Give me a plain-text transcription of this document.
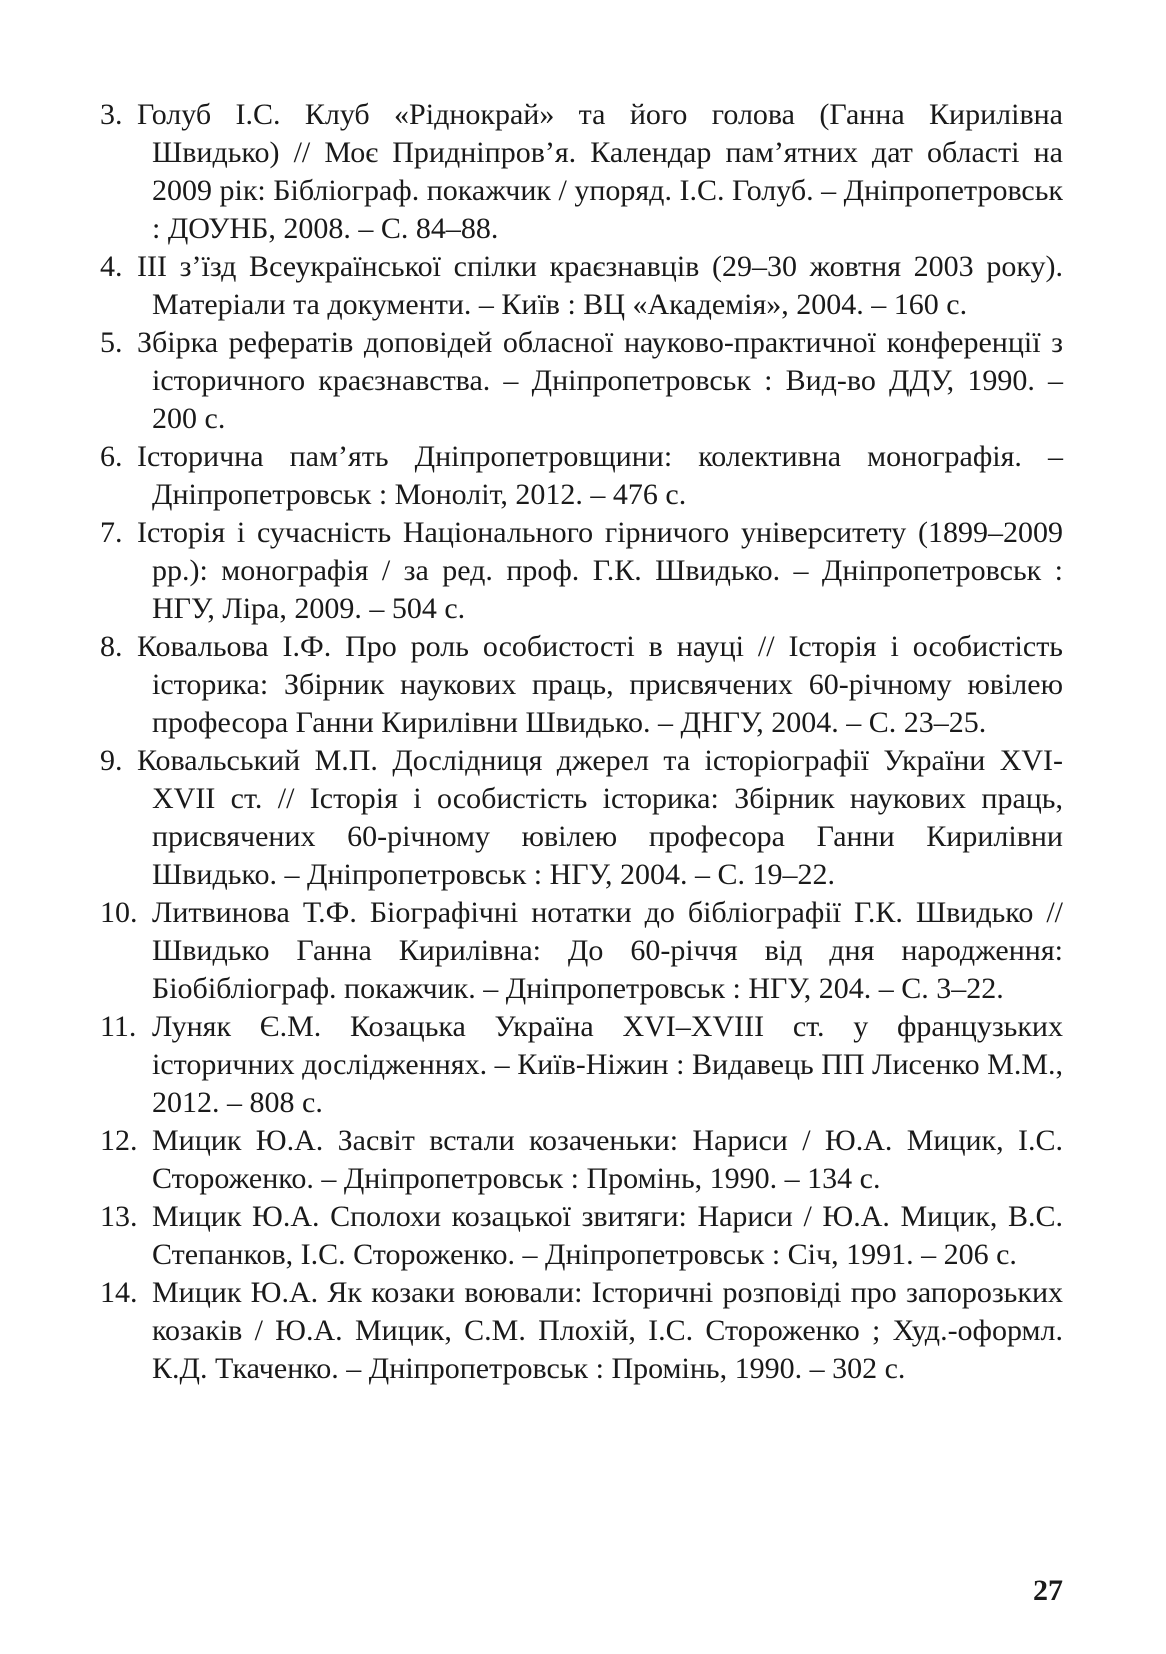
3. Голуб І.С. Клуб «Ріднокрай» та його голова (Ганна Кирилівна Швидько) // Моє Придніпров’я. Календар пам’ятних дат області на 2009 рік: Бібліограф. покажчик / упоряд. І.С. Голуб. – Дніпропетровськ : ДОУНБ, 2008. – С. 84–88.
4. ІІІ з’їзд Всеукраїнської спілки краєзнавців (29–30 жовтня 2003 року). Матеріали та документи. – Київ : ВЦ «Академія», 2004. – 160 с.
5. Збірка рефератів доповідей обласної науково-практичної конференції з історичного краєзнавства. – Дніпропетровськ : Вид-во ДДУ, 1990. – 200 с.
6. Історична пам’ять Дніпропетровщини: колективна монографія. – Дніпропетровськ : Моноліт, 2012. – 476 с.
7. Історія і сучасність Національного гірничого університету (1899–2009 рр.): монографія / за ред. проф. Г.К. Швидько. – Дніпропетровськ : НГУ, Ліра, 2009. – 504 с.
8. Ковальова І.Ф. Про роль особистості в науці // Історія і особистість історика: Збірник наукових праць, присвячених 60-річному ювілею професора Ганни Кирилівни Швидько. – ДНГУ, 2004. – С. 23–25.
9. Ковальський М.П. Дослідниця джерел та історіографії України XVI-XVII ст. // Історія і особистість історика: Збірник наукових праць, присвячених 60-річному ювілею професора Ганни Кирилівни Швидько. – Дніпропетровськ : НГУ, 2004. – С. 19–22.
10. Литвинова Т.Ф. Біографічні нотатки до бібліографії Г.К. Швидько // Швидько Ганна Кирилівна: До 60-річчя від дня народження: Біобібліограф. покажчик. – Дніпропетровськ : НГУ, 204. – С. 3–22.
11. Луняк Є.М. Козацька Україна XVI–XVIII ст. у французьких історичних дослідженнях. – Київ-Ніжин : Видавець ПП Лисенко М.М., 2012. – 808 с.
12. Мицик Ю.А. Засвіт встали козаченьки: Нариси / Ю.А. Мицик, І.С. Стороженко. – Дніпропетровськ : Промінь, 1990. – 134 с.
13. Мицик Ю.А. Сполохи козацької звитяги: Нариси / Ю.А. Мицик, В.С. Степанков, І.С. Стороженко. – Дніпропетровськ : Січ, 1991. – 206 с.
14. Мицик Ю.А. Як козаки воювали: Історичні розповіді про запорозьких козаків / Ю.А. Мицик, С.М. Плохій, І.С. Стороженко ; Худ.-оформл. К.Д. Ткаченко. – Дніпропетровськ : Промінь, 1990. – 302 с.
27
